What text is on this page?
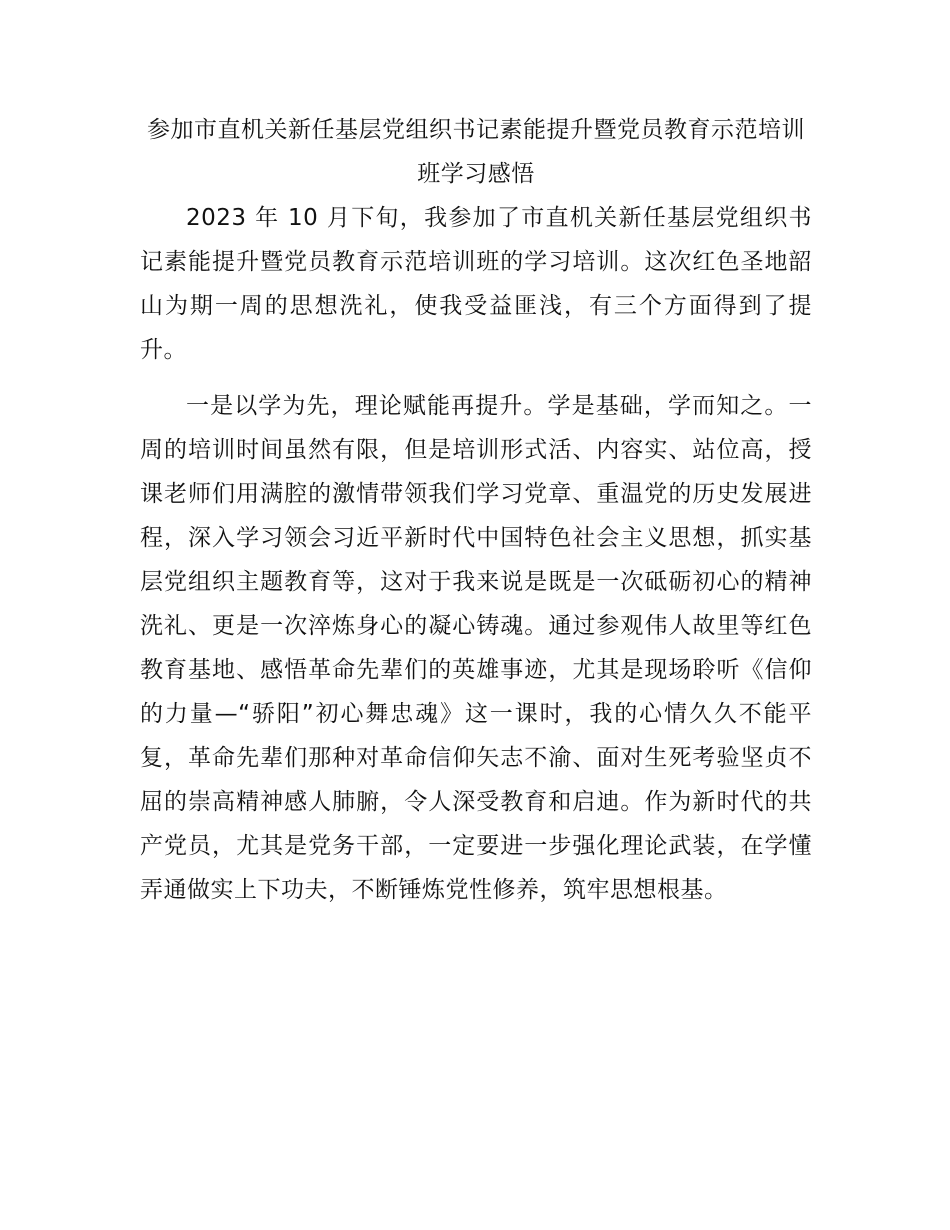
参加市直机关新任基层党组织书记素能提升暨党员教育示范培训班学习感悟

2023 年 10 月下旬，我参加了市直机关新任基层党组织书记素能提升暨党员教育示范培训班的学习培训。这次红色圣地韶山为期一周的思想洗礼，使我受益匪浅，有三个方面得到了提升。

一是以学为先，理论赋能再提升。学是基础，学而知之。一周的培训时间虽然有限，但是培训形式活、内容实、站位高，授课老师们用满腔的激情带领我们学习党章、重温党的历史发展进程，深入学习领会习近平新时代中国特色社会主义思想，抓实基层党组织主题教育等，这对于我来说是既是一次砥砺初心的精神洗礼、更是一次淬炼身心的凝心铸魂。通过参观伟人故里等红色教育基地、感悟革命先辈们的英雄事迹，尤其是现场聆听《信仰的力量—“骄阳”初心舞忠魂》这一课时，我的心情久久不能平复，革命先辈们那种对革命信仰矢志不渝、面对生死考验坚贞不屈的崇高精神感人肺腑，令人深受教育和启迪。作为新时代的共产党员，尤其是党务干部，一定要进一步强化理论武装，在学懂弄通做实上下功夫，不断锤炼党性修养，筑牢思想根基。
